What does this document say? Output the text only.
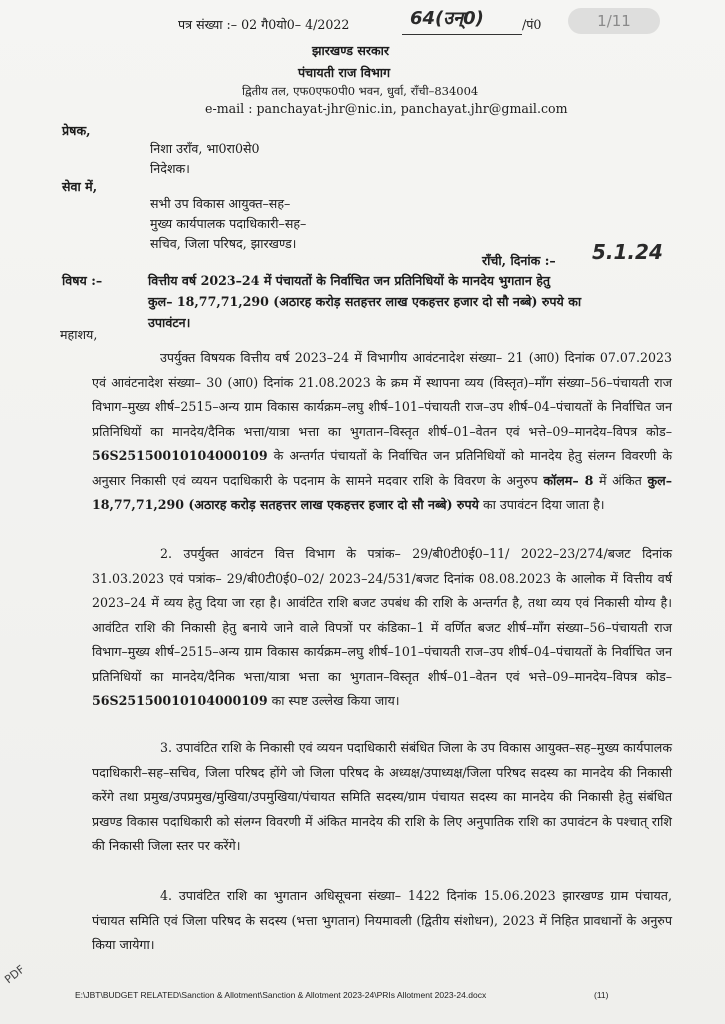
1/11
पत्र संख्या :– 02 गै0यो0– 4/2022	64(उन्0)	/पं0
झारखण्ड सरकार
पंचायती राज विभाग
द्वितीय तल, एफ0एफ0पी0 भवन, धुर्वा, राँची–834004
e-mail : panchayat-jhr@nic.in, panchayat.jhr@gmail.com
प्रेषक,
निशा उराँव, भा0रा0से0
निदेशक।
सेवा में,
सभी उप विकास आयुक्त–सह–
मुख्य कार्यपालक पदाधिकारी–सह–
सचिव, जिला परिषद, झारखण्ड।
राँची, दिनांक :– 5.1.24
विषय :–	वित्तीय वर्ष 2023–24 में पंचायतों के निर्वाचित जन प्रतिनिधियों के मानदेय भुगतान हेतु
कुल– 18,77,71,290 (अठारह करोड़ सतहत्तर लाख एकहत्तर हजार दो सौ नब्बे) रुपये का
उपावंटन।
महाशय,
उपर्युक्त विषयक वित्तीय वर्ष 2023–24 में विभागीय आवंटनादेश संख्या– 21 (आ0) दिनांक 07.07.2023 एवं आवंटनादेश संख्या– 30 (आ0) दिनांक 21.08.2023 के क्रम में स्थापना व्यय (विस्तृत)–माँग संख्या–56–पंचायती राज विभाग–मुख्य शीर्ष–2515–अन्य ग्राम विकास कार्यक्रम–लघु शीर्ष–101–पंचायती राज–उप शीर्ष–04–पंचायतों के निर्वाचित जन प्रतिनिधियों का मानदेय/दैनिक भत्ता/यात्रा भत्ता का भुगतान–विस्तृत शीर्ष–01–वेतन एवं भत्ते–09–मानदेय–विपत्र कोड–56S25150010104000109 के अन्तर्गत पंचायतों के निर्वाचित जन प्रतिनिधियों को मानदेय हेतु संलग्न विवरणी के अनुसार निकासी एवं व्ययन पदाधिकारी के पदनाम के सामने मदवार राशि के विवरण के अनुरुप कॉलम– 8 में अंकित कुल– 18,77,71,290 (अठारह करोड़ सतहत्तर लाख एकहत्तर हजार दो सौ नब्बे) रुपये का उपावंटन दिया जाता है।
2. उपर्युक्त आवंटन वित्त विभाग के पत्रांक– 29/बी0टी0ई0–11/ 2022–23/274/बजट दिनांक 31.03.2023 एवं पत्रांक– 29/बी0टी0ई0–02/ 2023–24/531/बजट दिनांक 08.08.2023 के आलोक में वित्तीय वर्ष 2023–24 में व्यय हेतु दिया जा रहा है। आवंटित राशि बजट उपबंध की राशि के अन्तर्गत है, तथा व्यय एवं निकासी योग्य है। आवंटित राशि की निकासी हेतु बनाये जाने वाले विपत्रों पर कंडिका–1 में वर्णित बजट शीर्ष–माँग संख्या–56–पंचायती राज विभाग–मुख्य शीर्ष–2515–अन्य ग्राम विकास कार्यक्रम–लघु शीर्ष–101–पंचायती राज–उप शीर्ष–04–पंचायतों के निर्वाचित जन प्रतिनिधियों का मानदेय/दैनिक भत्ता/यात्रा भत्ता का भुगतान–विस्तृत शीर्ष–01–वेतन एवं भत्ते–09–मानदेय–विपत्र कोड–56S25150010104000109 का स्पष्ट उल्लेख किया जाय।
3. उपावंटित राशि के निकासी एवं व्ययन पदाधिकारी संबंधित जिला के उप विकास आयुक्त–सह–मुख्य कार्यपालक पदाधिकारी–सह–सचिव, जिला परिषद होंगे जो जिला परिषद के अध्यक्ष/उपाध्यक्ष/जिला परिषद सदस्य का मानदेय की निकासी करेंगे तथा प्रमुख/उपप्रमुख/मुखिया/उपमुखिया/पंचायत समिति सदस्य/ग्राम पंचायत सदस्य का मानदेय की निकासी हेतु संबंधित प्रखण्ड विकास पदाधिकारी को संलग्न विवरणी में अंकित मानदेय की राशि के लिए अनुपातिक राशि का उपावंटन के पश्चात् राशि की निकासी जिला स्तर पर करेंगे।
4. उपावंटित राशि का भुगतान अधिसूचना संख्या– 1422 दिनांक 15.06.2023 झारखण्ड ग्राम पंचायत, पंचायत समिति एवं जिला परिषद के सदस्य (भत्ता भुगतान) नियमावली (द्वितीय संशोधन), 2023 में निहित प्रावधानों के अनुरुप किया जायेगा।
PDF
E:\JBT\BUDGET RELATED\Sanction & Allotment\Sanction & Allotment 2023-24\PRIs Allotment 2023-24.docx	(11)
